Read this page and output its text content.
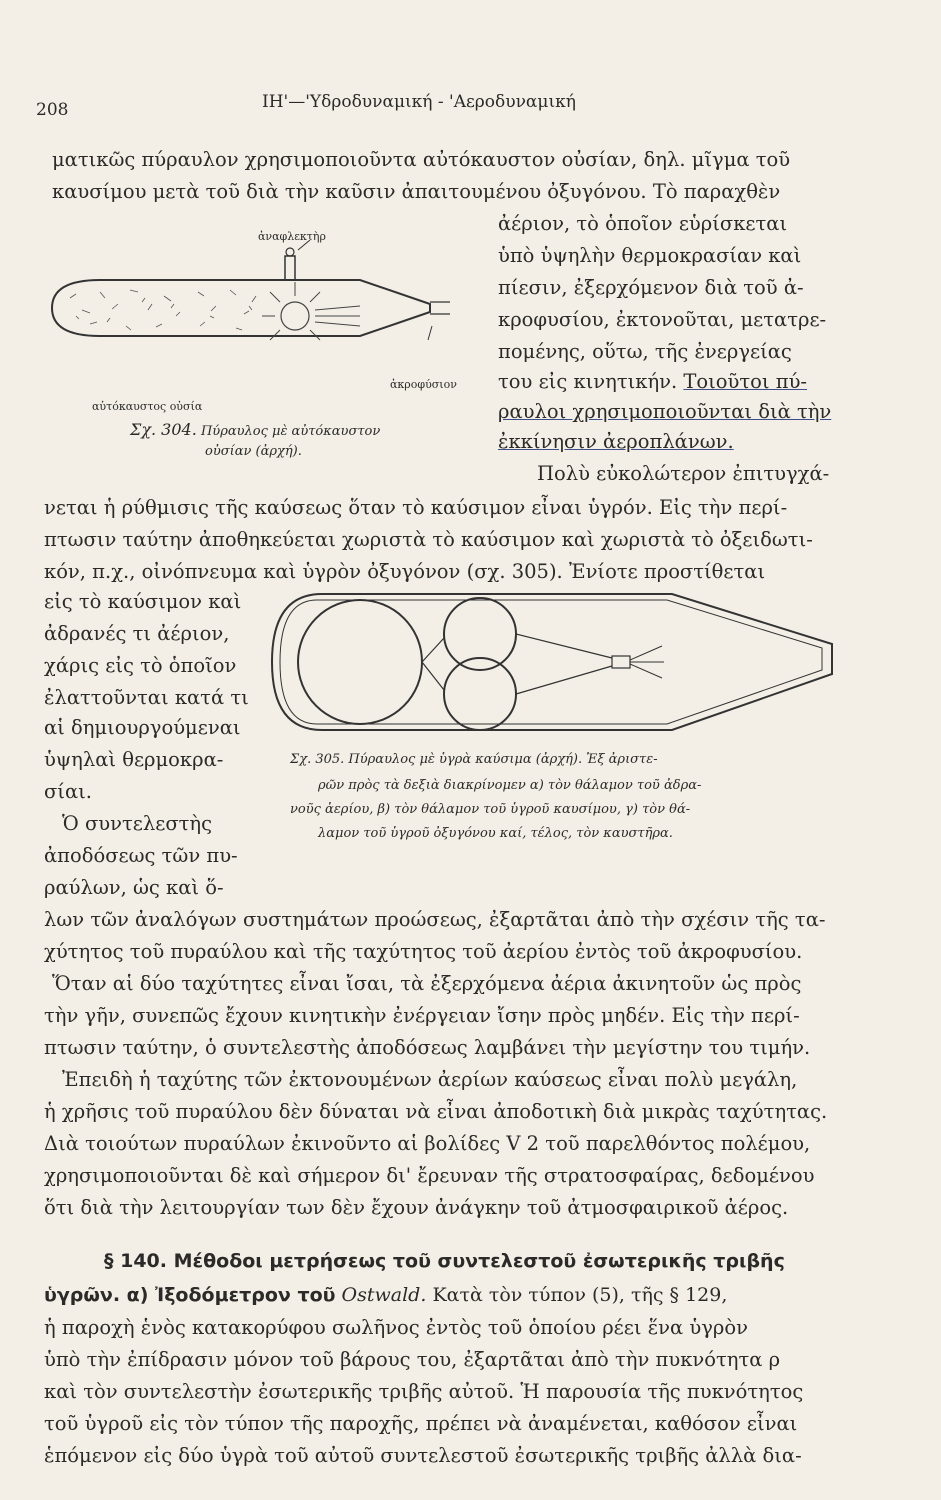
208	ΙΗ'—'Υδροδυναμική - 'Αεροδυναμική
ματικῶς πύραυλον χρησιμοποιοῦντα αὐτόκαυστον οὐσίαν, δηλ. μῖγμα τοῦ
καυσίμου μετὰ τοῦ διὰ τὴν καῦσιν ἀπαιτουμένου ὀξυγόνου. Τὸ παραχθὲν
ἀναφλεκτὴρ
ἀκροφύσιον
αὐτόκαυστος οὐσία
Σχ. 304. Πύραυλος μὲ αὐτόκαυστον
οὐσίαν (ἀρχή).
ἀέριον, τὸ ὁποῖον εὑρίσκεται
ὑπὸ ὑψηλὴν θερμοκρασίαν καὶ
πίεσιν, ἐξερχόμενον διὰ τοῦ ἀ-
κροφυσίου, ἐκτονοῦται, μετατρε-
πομένης, οὕτω, τῆς ἐνεργείας
του εἰς κινητικήν. Τοιοῦτοι πύ-
ραυλοι χρησιμοποιοῦνται διὰ τὴν
ἐκκίνησιν ἀεροπλάνων.
Πολὺ εὐκολώτερον ἐπιτυγχά-
νεται ἡ ρύθμισις τῆς καύσεως ὅταν τὸ καύσιμον εἶναι ὑγρόν. Εἰς τὴν περί-
πτωσιν ταύτην ἀποθηκεύεται χωριστὰ τὸ καύσιμον καὶ χωριστὰ τὸ ὀξειδωτι-
κόν, π.χ., οἰνόπνευμα καὶ ὑγρὸν ὀξυγόνον (σχ. 305). Ἐνίοτε προστίθεται
εἰς τὸ καύσιμον καὶ
ἀδρανές τι ἀέριον,
χάρις εἰς τὸ ὁποῖον
ἐλαττοῦνται κατά τι
αἱ δημιουργούμεναι
ὑψηλαὶ θερμοκρα-
σίαι.
Ὁ συντελεστὴς
ἀποδόσεως τῶν πυ-
ραύλων, ὡς καὶ ὅ-
Σχ. 305. Πύραυλος μὲ ὑγρὰ καύσιμα (ἀρχή). Ἐξ ἀριστε-
ρῶν πρὸς τὰ δεξιὰ διακρίνομεν α) τὸν θάλαμον τοῦ ἀδρα-
νοῦς ἀερίου, β) τὸν θάλαμον τοῦ ὑγροῦ καυσίμου, γ) τὸν θά-
λαμον τοῦ ὑγροῦ ὀξυγόνου καί, τέλος, τὸν καυστῆρα.
λων τῶν ἀναλόγων συστημάτων προώσεως, ἐξαρτᾶται ἀπὸ τὴν σχέσιν τῆς τα-
χύτητος τοῦ πυραύλου καὶ τῆς ταχύτητος τοῦ ἀερίου ἐντὸς τοῦ ἀκροφυσίου.
Ὅταν αἱ δύο ταχύτητες εἶναι ἴσαι, τὰ ἐξερχόμενα ἀέρια ἀκινητοῦν ὡς πρὸς
τὴν γῆν, συνεπῶς ἔχουν κινητικὴν ἐνέργειαν ἴσην πρὸς μηδέν. Εἰς τὴν περί-
πτωσιν ταύτην, ὁ συντελεστὴς ἀποδόσεως λαμβάνει τὴν μεγίστην του τιμήν.
Ἐπειδὴ ἡ ταχύτης τῶν ἐκτονουμένων ἀερίων καύσεως εἶναι πολὺ μεγάλη,
ἡ χρῆσις τοῦ πυραύλου δὲν δύναται νὰ εἶναι ἀποδοτικὴ διὰ μικρὰς ταχύτητας.
Διὰ τοιούτων πυραύλων ἐκινοῦντο αἱ βολίδες V 2 τοῦ παρελθόντος πολέμου,
χρησιμοποιοῦνται δὲ καὶ σήμερον δι' ἔρευναν τῆς στρατοσφαίρας, δεδομένου
ὅτι διὰ τὴν λειτουργίαν των δὲν ἔχουν ἀνάγκην τοῦ ἀτμοσφαιρικοῦ ἀέρος.
§ 140. Μέθοδοι μετρήσεως τοῦ συντελεστοῦ ἐσωτερικῆς τριβῆς
ὑγρῶν. α) Ἰξοδόμετρον τοῦ Ostwald. Κατὰ τὸν τύπον (5), τῆς § 129,
ἡ παροχὴ ἑνὸς κατακορύφου σωλῆνος ἐντὸς τοῦ ὁποίου ρέει ἕνα ὑγρὸν
ὑπὸ τὴν ἐπίδρασιν μόνον τοῦ βάρους του, ἐξαρτᾶται ἀπὸ τὴν πυκνότητα ρ
καὶ τὸν συντελεστὴν ἐσωτερικῆς τριβῆς αὐτοῦ. Ἡ παρουσία τῆς πυκνότητος
τοῦ ὑγροῦ εἰς τὸν τύπον τῆς παροχῆς, πρέπει νὰ ἀναμένεται, καθόσον εἶναι
ἑπόμενον εἰς δύο ὑγρὰ τοῦ αὐτοῦ συντελεστοῦ ἐσωτερικῆς τριβῆς ἀλλὰ δια-
